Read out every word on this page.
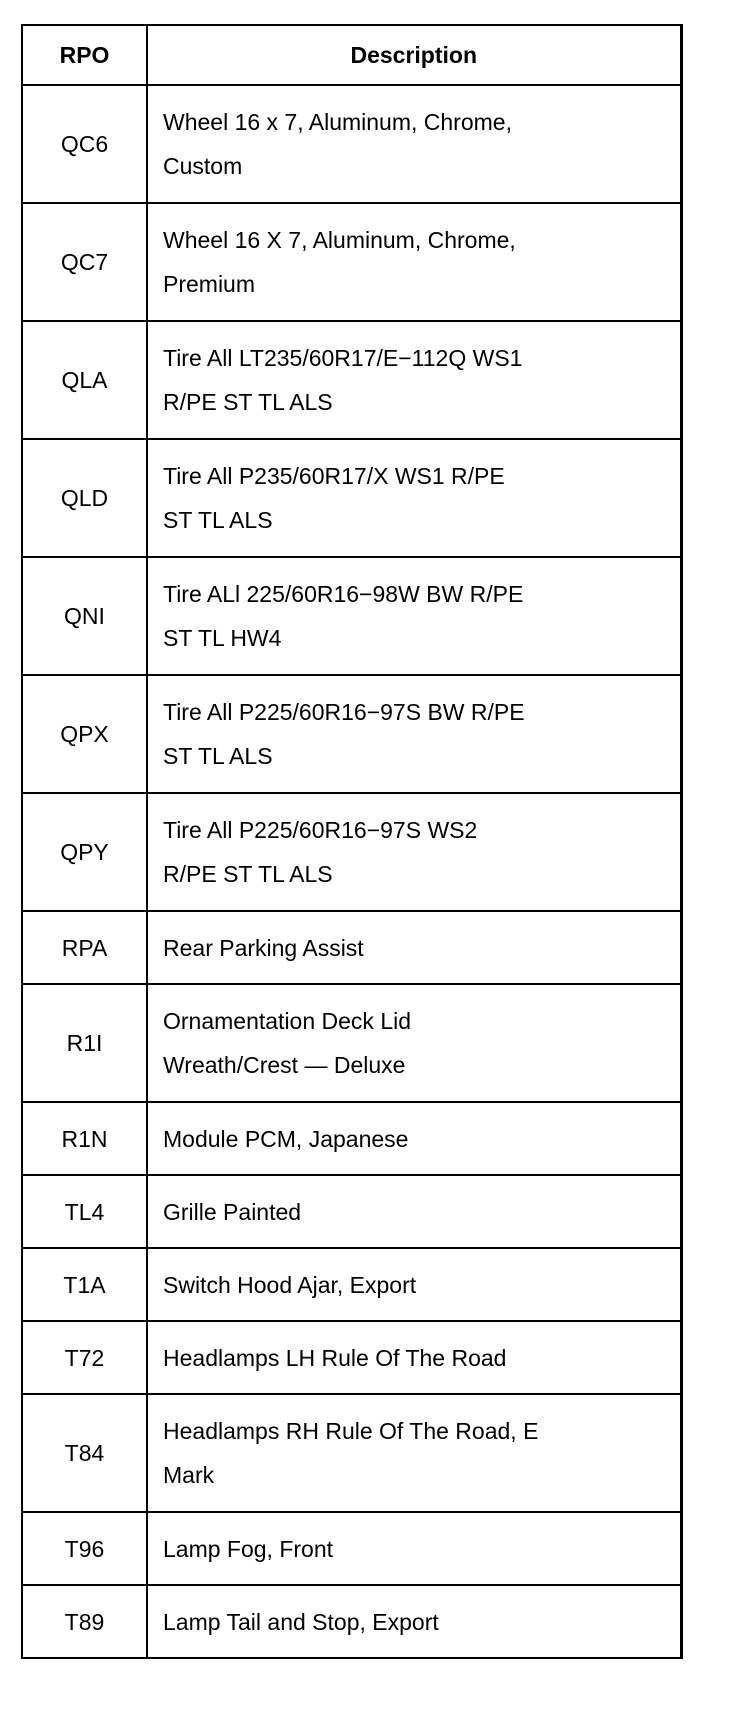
RPO	Description
QC6	Wheel 16 x 7, Aluminum, Chrome,
Custom

QC7	Wheel 16 X 7, Aluminum, Chrome,
Premium

QLA	Tire All LT235/60R17/E−112Q WS1
R/PE ST TL ALS

QLD	Tire All P235/60R17/X WS1 R/PE
ST TL ALS

QNI	Tire ALl 225/60R16−98W BW R/PE
ST TL HW4

QPX	Tire All P225/60R16−97S BW R/PE
ST TL ALS

QPY	Tire All P225/60R16−97S WS2
R/PE ST TL ALS

RPA	Rear Parking Assist

R1I	Ornamentation Deck Lid
Wreath/Crest — Deluxe

R1N	Module PCM, Japanese

TL4	Grille Painted

T1A	Switch Hood Ajar, Export

T72	Headlamps LH Rule Of The Road

T84	Headlamps RH Rule Of The Road, E
Mark

T96	Lamp Fog, Front

T89	Lamp Tail and Stop, Export
